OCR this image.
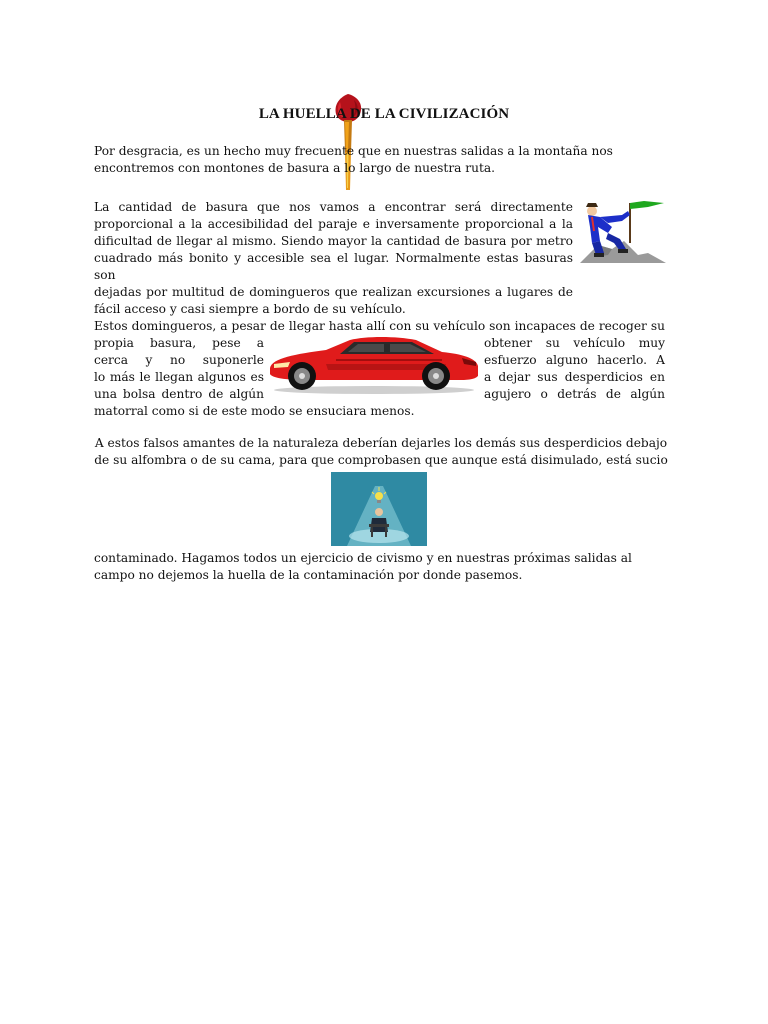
LA HUELLA DE LA CIVILIZACIÓN
Por desgracia, es un hecho muy frecuente que en nuestras salidas a la montaña nos
encontremos con montones de basura a lo largo de nuestra ruta.
La cantidad de basura que nos vamos a encontrar será directamente
proporcional a la accesibilidad del paraje e inversamente proporcional a la
dificultad de llegar al mismo. Siendo mayor la cantidad de basura por metro
cuadrado más bonito y accesible sea el lugar. Normalmente estas basuras son
dejadas por multitud de domingueros que realizan excursiones a lugares de
fácil acceso y casi siempre a bordo de su vehículo.
Estos domingueros, a pesar de llegar hasta allí con su vehículo son incapaces de recoger su
propia basura, pese a
cerca y no suponerle
lo más le llegan algunos es
una bolsa dentro de algún
obtener su vehículo muy
esfuerzo alguno hacerlo. A
a dejar sus desperdicios en
agujero o detrás de algún
matorral como si de este modo se ensuciara menos.
A estos falsos amantes de la naturaleza deberían dejarles los demás sus desperdicios debajo
de su alfombra o de su cama, para que comprobasen que aunque está disimulado, está sucio
contaminado. Hagamos todos un ejercicio de civismo y en nuestras próximas salidas al
campo no dejemos la huella de la contaminación por donde pasemos.
